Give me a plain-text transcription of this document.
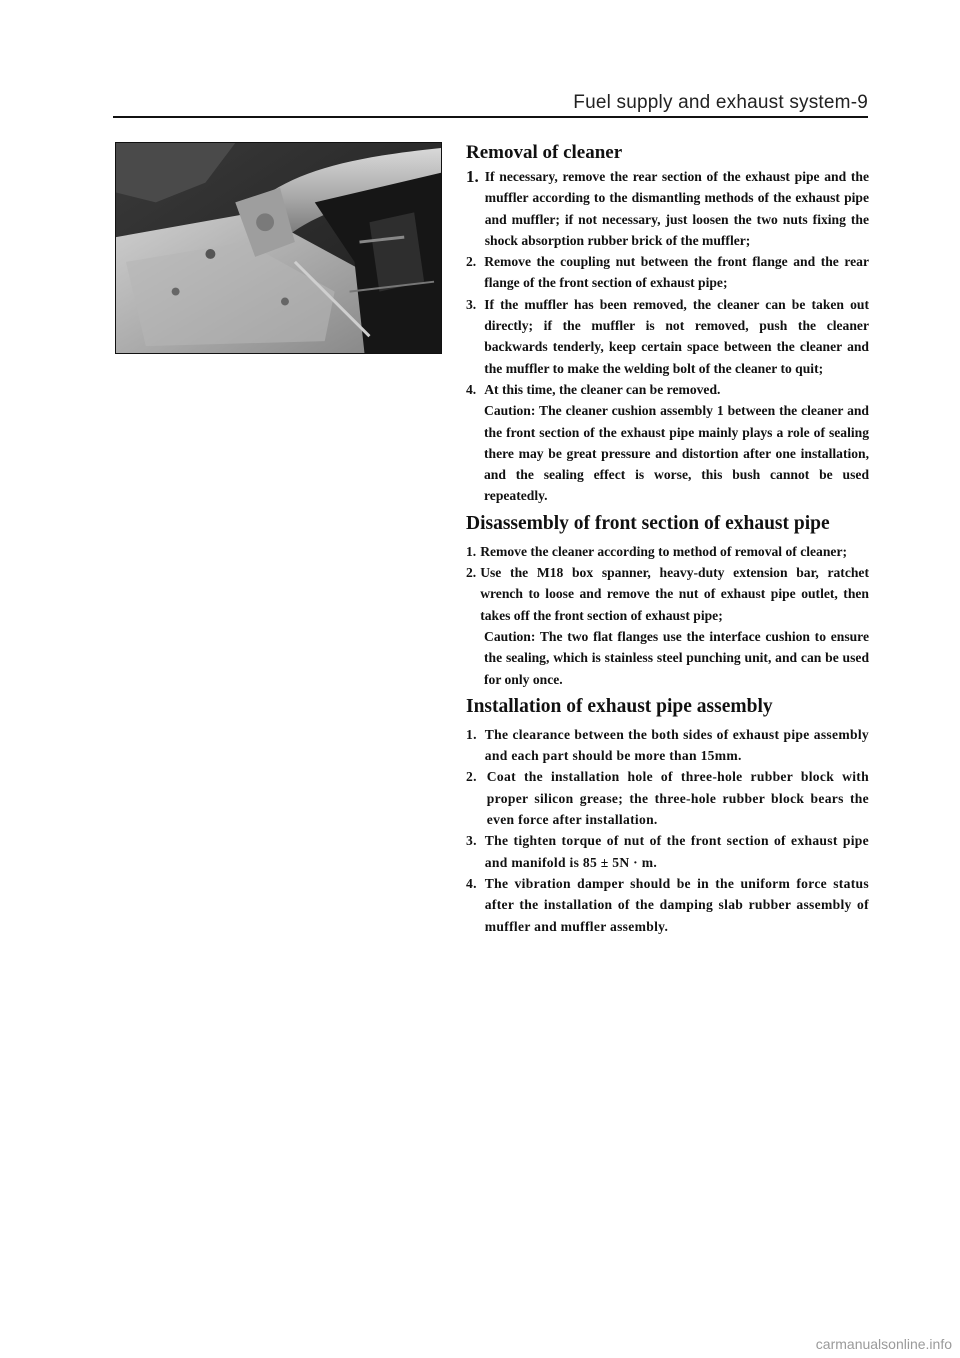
Fuel supply and exhaust system-9
Removal of cleaner
1. If necessary, remove the rear section of the exhaust pipe and the muffler according to the dismantling methods of the exhaust pipe and muffler; if not necessary, just loosen the two nuts fixing the shock absorption rubber brick of the muffler;
2. Remove the coupling nut between the front flange and the rear flange of the front section of exhaust pipe;
3. If the muffler has been removed, the cleaner can be taken out directly; if the muffler is not removed, push the cleaner backwards tenderly, keep certain space between the cleaner and the muffler to make the welding bolt of the cleaner to quit;
4. At this time, the cleaner can be removed.
Caution: The cleaner cushion assembly 1 between the cleaner and the front section of the exhaust pipe mainly plays a role of sealing there may be great pressure and distortion after one installation, and the sealing effect is worse, this bush cannot be used repeatedly.
Disassembly of front section of exhaust pipe
1. Remove the cleaner according to method of removal of cleaner;
2. Use the M18 box spanner, heavy-duty extension bar, ratchet wrench to loose and remove the nut of exhaust pipe outlet, then takes off the front section of exhaust pipe;
Caution: The two flat flanges use the interface cushion to ensure the sealing, which is stainless steel punching unit, and can be used for only once.
Installation of exhaust pipe assembly
1. The clearance between the both sides of exhaust pipe assembly and each part should be more than 15mm.
2. Coat the installation hole of three-hole rubber block with proper silicon grease; the three-hole rubber block bears the even force after installation.
3. The tighten torque of nut of the front section of exhaust pipe and manifold is 85 ± 5N · m.
4. The vibration damper should be in the uniform force status after the installation of the damping slab rubber assembly of muffler and muffler assembly.
carmanualsonline.info
